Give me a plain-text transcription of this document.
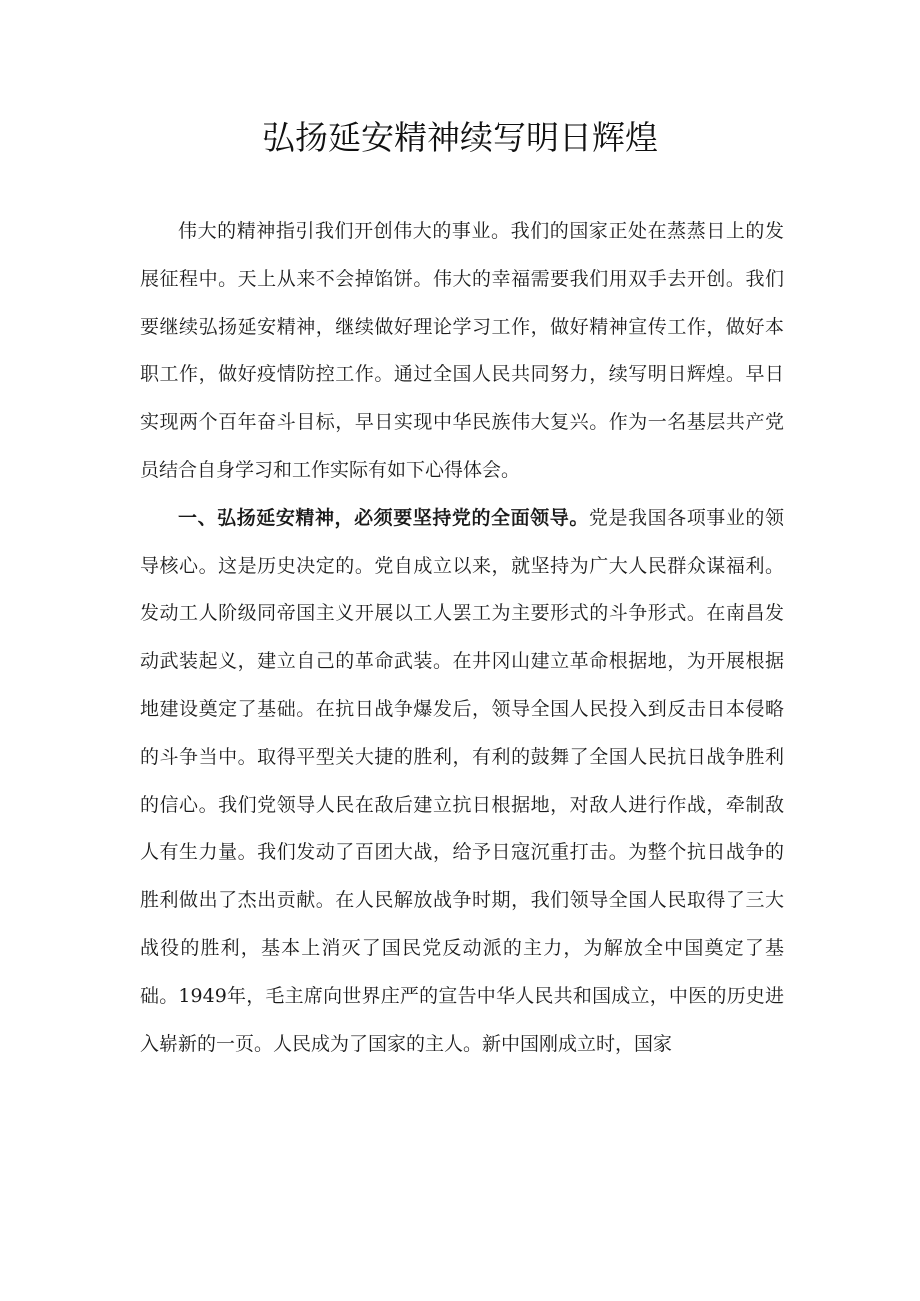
弘扬延安精神续写明日辉煌

伟大的精神指引我们开创伟大的事业。我们的国家正处在蒸蒸日上的发展征程中。天上从来不会掉馅饼。伟大的幸福需要我们用双手去开创。我们要继续弘扬延安精神，继续做好理论学习工作，做好精神宣传工作，做好本职工作，做好疫情防控工作。通过全国人民共同努力，续写明日辉煌。早日实现两个百年奋斗目标，早日实现中华民族伟大复兴。作为一名基层共产党员结合自身学习和工作实际有如下心得体会。

一、弘扬延安精神，必须要坚持党的全面领导。党是我国各项事业的领导核心。这是历史决定的。党自成立以来，就坚持为广大人民群众谋福利。发动工人阶级同帝国主义开展以工人罢工为主要形式的斗争形式。在南昌发动武装起义，建立自己的革命武装。在井冈山建立革命根据地，为开展根据地建设奠定了基础。在抗日战争爆发后，领导全国人民投入到反击日本侵略的斗争当中。取得平型关大捷的胜利，有利的鼓舞了全国人民抗日战争胜利的信心。我们党领导人民在敌后建立抗日根据地，对敌人进行作战，牵制敌人有生力量。我们发动了百团大战，给予日寇沉重打击。为整个抗日战争的胜利做出了杰出贡献。在人民解放战争时期，我们领导全国人民取得了三大战役的胜利，基本上消灭了国民党反动派的主力，为解放全中国奠定了基础。1949年，毛主席向世界庄严的宣告中华人民共和国成立，中医的历史进入崭新的一页。人民成为了国家的主人。新中国刚成立时，国家
